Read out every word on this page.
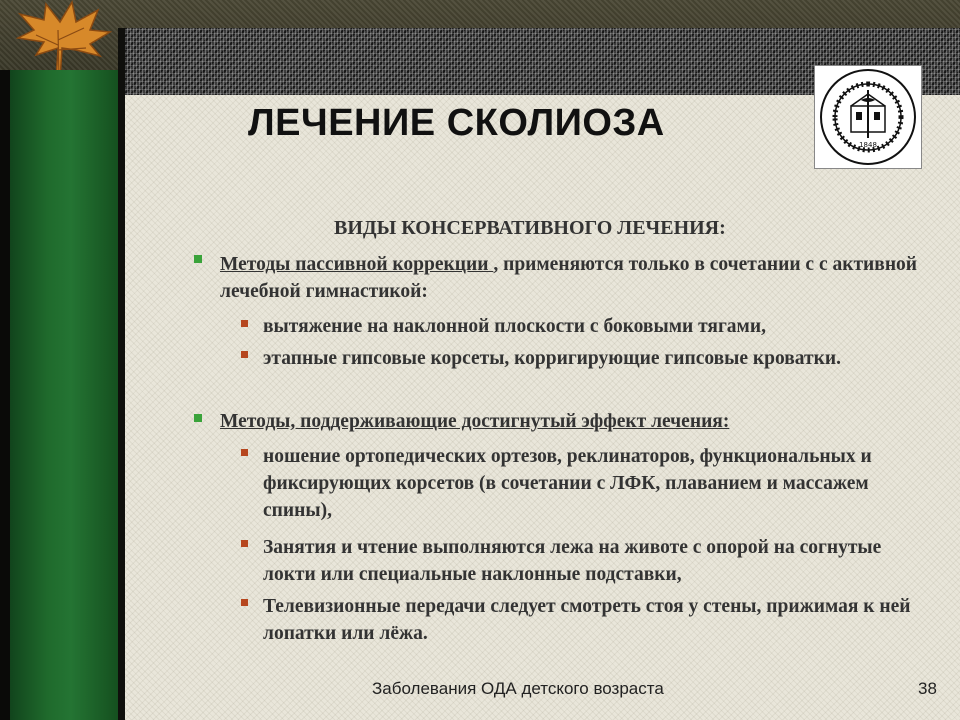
ЛЕЧЕНИЕ СКОЛИОЗА
1848
ВИДЫ КОНСЕРВАТИВНОГО ЛЕЧЕНИЯ:
Методы пассивной коррекции , применяются только в сочетании с с активной лечебной гимнастикой:
вытяжение на наклонной плоскости с боковыми тягами,
этапные гипсовые корсеты, корригирующие гипсовые кроватки.
Методы, поддерживающие достигнутый эффект лечения:
ношение ортопедических ортезов, реклинаторов, функциональных и фиксирующих корсетов (в сочетании с ЛФК, плаванием и массажем спины),
Занятия и чтение выполняются лежа на животе с опорой на согнутые локти или специальные наклонные подставки,
Телевизионные передачи следует смотреть стоя у стены, прижимая к ней лопатки или лёжа.
Заболевания ОДА детского возраста	38
